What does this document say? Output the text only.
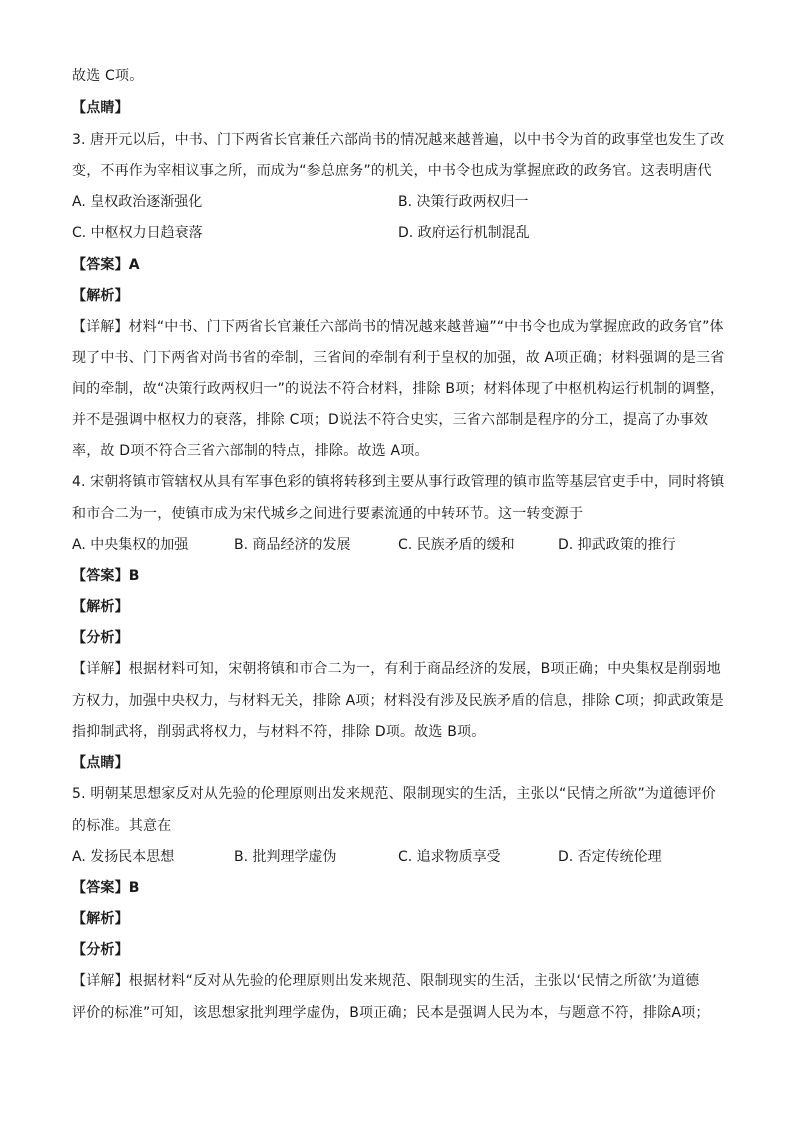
故选 C项。
【点睛】
3. 唐开元以后，中书、门下两省长官兼任六部尚书的情况越来越普遍，以中书令为首的政事堂也发生了改
变，不再作为宰相议事之所，而成为“参总庶务”的机关，中书令也成为掌握庶政的政务官。这表明唐代
A. 皇权政治逐渐强化	B. 决策行政两权归一
C. 中枢权力日趋衰落	D. 政府运行机制混乱
【答案】A
【解析】
【详解】材料“中书、门下两省长官兼任六部尚书的情况越来越普遍”“中书令也成为掌握庶政的政务官”体
现了中书、门下两省对尚书省的牵制，三省间的牵制有利于皇权的加强，故 A项正确；材料强调的是三省
间的牵制，故“决策行政两权归一”的说法不符合材料，排除 B项；材料体现了中枢机构运行机制的调整，
并不是强调中枢权力的衰落，排除 C项；D说法不符合史实，三省六部制是程序的分工，提高了办事效
率，故 D项不符合三省六部制的特点，排除。故选 A项。
4. 宋朝将镇市管辖权从具有军事色彩的镇将转移到主要从事行政管理的镇市监等基层官吏手中，同时将镇
和市合二为一，使镇市成为宋代城乡之间进行要素流通的中转环节。这一转变源于
A. 中央集权的加强	B. 商品经济的发展	C. 民族矛盾的缓和	D. 抑武政策的推行
【答案】B
【解析】
【分析】
【详解】根据材料可知，宋朝将镇和市合二为一，有利于商品经济的发展，B项正确；中央集权是削弱地
方权力，加强中央权力，与材料无关，排除 A项；材料没有涉及民族矛盾的信息，排除 C项；抑武政策是
指抑制武将，削弱武将权力，与材料不符，排除 D项。故选 B项。
【点睛】
5. 明朝某思想家反对从先验的伦理原则出发来规范、限制现实的生活，主张以“民情之所欲”为道德评价
的标准。其意在
A. 发扬民本思想	B. 批判理学虚伪	C. 追求物质享受	D. 否定传统伦理
【答案】B
【解析】
【分析】
【详解】根据材料“反对从先验的伦理原则出发来规范、限制现实的生活，主张以‘民情之所欲’为道德
评价的标准”可知，该思想家批判理学虚伪，B项正确；民本是强调人民为本，与题意不符，排除A项；
